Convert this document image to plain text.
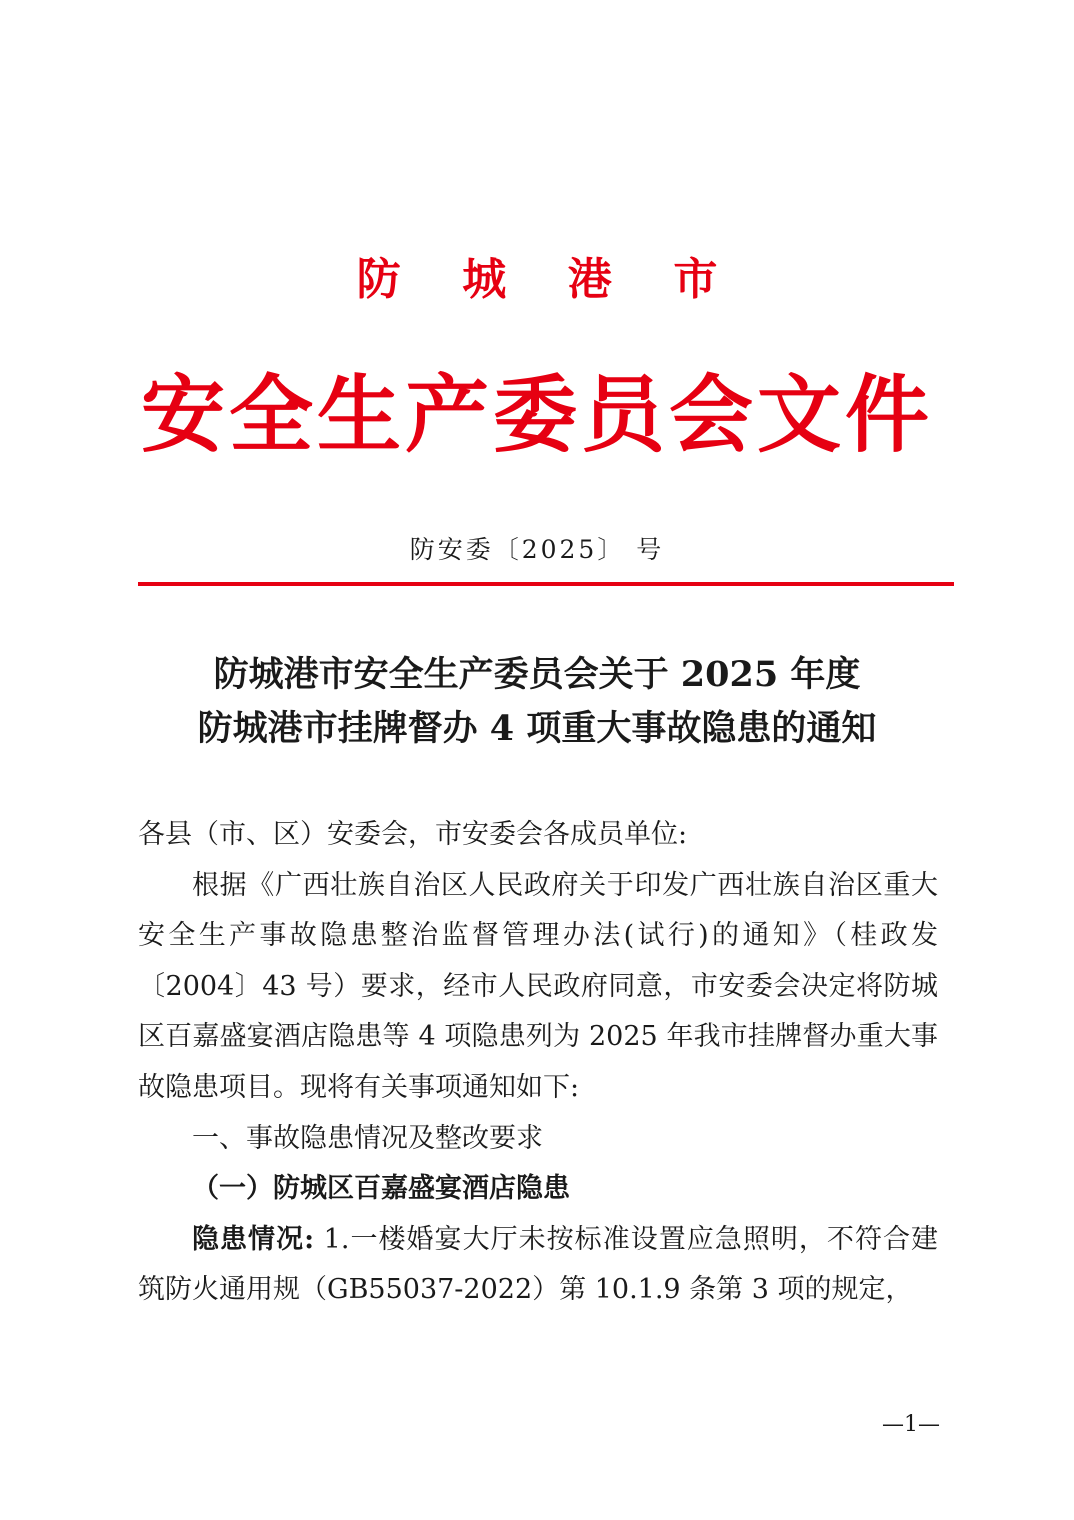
防城港市
安全生产委员会文件
防安委〔2025〕 号
防城港市安全生产委员会关于 2025 年度
防城港市挂牌督办 4 项重大事故隐患的通知

各县（市、区）安委会，市安委会各成员单位:

根据《广西壮族自治区人民政府关于印发广西壮族自治区重大安全生产事故隐患整治监督管理办法(试行)的通知》（桂政发〔2004〕43 号）要求，经市人民政府同意，市安委会决定将防城区百嘉盛宴酒店隐患等 4 项隐患列为 2025 年我市挂牌督办重大事故隐患项目。现将有关事项通知如下:

一、事故隐患情况及整改要求

（一）防城区百嘉盛宴酒店隐患

隐患情况: 1.一楼婚宴大厅未按标准设置应急照明，不符合建筑防火通用规（GB55037-2022）第 10.1.9 条第 3 项的规定，

—1—
